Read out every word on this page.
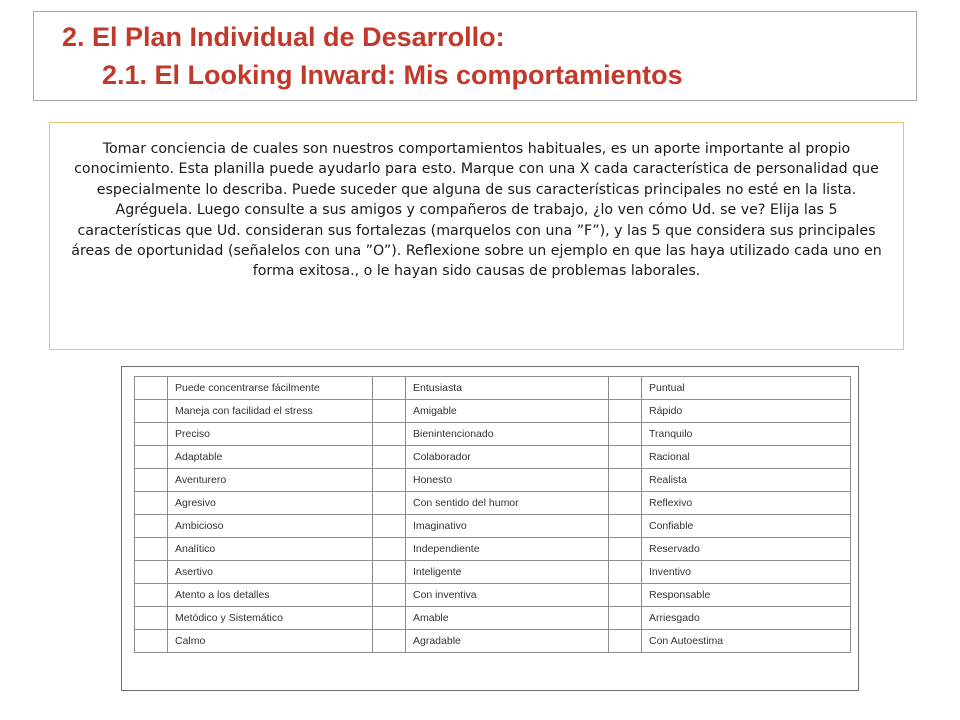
2. El Plan Individual de Desarrollo:
2.1. El Looking Inward: Mis comportamientos

Tomar conciencia de cuales son nuestros comportamientos habituales, es un aporte importante al propio conocimiento. Esta planilla puede ayudarlo para esto. Marque con una X cada característica de personalidad que especialmente lo describa. Puede suceder que alguna de sus características principales no esté en la lista. Agréguela. Luego consulte a sus amigos y compañeros de trabajo, ¿lo ven cómo Ud. se ve? Elija las 5 características que Ud. consideran sus fortalezas (marquelos con una ”F”), y las 5 que considera sus principales áreas de oportunidad (señalelos con una ”O”). Reflexione sobre un ejemplo en que las haya utilizado cada uno en forma exitosa., o le hayan sido causas de problemas laborales.

	Puede concentrarse fácilmente		Entusiasta		Puntual
	Maneja con facilidad el stress		Amigable		Rápido
	Preciso		Bienintencionado		Tranquilo
	Adaptable		Colaborador		Racional
	Aventurero		Honesto		Realista
	Agresivo		Con sentido del humor		Reflexivo
	Ambicioso		Imaginativo		Confiable
	Analítico		Independiente		Reservado
	Asertivo		Inteligente		Inventivo
	Atento a los detalles		Con inventiva		Responsable
	Metódico y Sistemático		Amable		Arriesgado
	Calmo		Agradable		Con Autoestima
